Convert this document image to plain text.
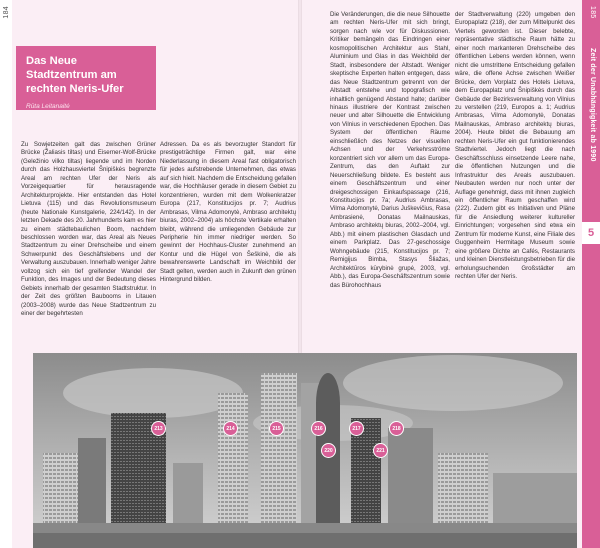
184	185
Zeit der Unabhängigkeit ab 1990
5
Das Neue Stadtzentrum am rechten Neris-Ufer
Rūta Leitanaitė
Zu Sowjetzeiten galt das zwischen Grüner Brücke (Žaliasis tiltas) und Eiserner-Wolf-Brücke (Geležinio vilko tiltas) liegende und im Norden durch das Holzhausviertel Šnipiškės begrenzte Areal am rechten Ufer der Neris als Vorzeigequartier für herausragende Architekturprojekte. Hier entstanden das Hotel Lietuva (115) und das Revolutionsmuseum (heute Nationale Kunstgalerie, 224/142). In der letzten Dekade des 20. Jahrhunderts kam es hier zu einem städtebaulichen Boom, nachdem beschlossen worden war, das Areal als Neues Stadtzentrum zu einer Drehscheibe und einem Schwerpunkt des Geschäftslebens und der Verwaltung auszubauen. Innerhalb weniger Jahre vollzog sich ein tief greifender Wandel der Funktion, des Images und der Bedeutung dieses Gebiets innerhalb der gesamten Stadtstruktur. In der Zeit des größten Baubooms in Litauen (2003–2008) wurde das Neue Stadtzentrum zu einer der begehrtesten
Adressen. Da es als bevorzugter Standort für prestigeträchtige Firmen galt, war eine Niederlassung in diesem Areal fast obligatorisch für jedes aufstrebende Unternehmen, das etwas auf sich hielt. Nachdem die Entscheidung gefallen war, die Hochhäuser gerade in diesem Gebiet zu konzentrieren, wurden mit dem Wolkenkratzer Europa (217, Konstitucijos pr. 7; Audrius Ambrasas, Vilma Adomonytė, Ambraso architektų biuras, 2002–2004) als höchste Vertikale erhalten bleibt, während die umliegenden Gebäude zur Peripherie hin immer niedriger werden. So gewinnt der Hochhaus-Cluster zunehmend an Kontur und die Hügel von Šeškinė, die als bewahrenswerte Landschaft im Weichbild der Stadt gelten, werden auch in Zukunft den grünen Hintergrund bilden.
Die Veränderungen, die die neue Silhouette am rechten Neris-Ufer mit sich bringt, sorgen nach wie vor für Diskussionen. Kritiker bemängeln das Eindringen einer kosmopolitischen Architektur aus Stahl, Aluminium und Glas in das Weichbild der Stadt, insbesondere der Altstadt. Weniger skeptische Experten halten entgegen, dass das Neue Stadtzentrum getrennt von der Altstadt entstehe und topografisch wie inhaltlich genügend Abstand halte; darüber hinaus illustriere der Kontrast zwischen neuer und alter Silhouette die Entwicklung von Vilnius in verschiedenen Epochen. Das System der öffentlichen Räume einschließlich des Netzes der visuellen Achsen und der Verkehrsströme konzentriert sich vor allem um das Europa-Zentrum, das den Auftakt zur Neuerschließung bildete. Es besteht aus einem Geschäftszentrum und einer dreigeschossigen Einkaufspassage (216, Konstitucijos pr. 7a; Audrius Ambrasas, Vilma Adomonytė, Darius Juškevičius, Rasa Ambrasienė, Donatas Mailnauskas, Ambraso architektų biuras, 2002–2004, vgl. Abb.) mit einem plastischen Glasdach und einem Parkplatz. Das 27-geschossige Wohngebäude (215, Konstitucijos pr. 7; Remigijus Bimba, Stasys Šliažas, Architektūros kūrybinė grupė, 2003, vgl. Abb.), das Europa-Geschäftszentrum sowie das Bürohochhaus
der Stadtverwaltung (220) umgeben den Europaplatz (218), der zum Mittelpunkt des Viertels geworden ist. Dieser belebte, repräsentative städtische Raum hätte zu einer noch markanteren Drehscheibe des öffentlichen Lebens werden können, wenn nicht die umstrittene Entscheidung gefallen wäre, die offene Achse zwischen Weißer Brücke, dem Vorplatz des Hotels Lietuva, dem Europaplatz und Šnipiškės durch das Gebäude der Bezirksverwaltung von Vilnius zu verstellen (219, Europos a. 1; Audrius Ambrasas, Vilma Adomonytė, Donatas Mailnauskas, Ambraso architektų biuras, 2004). Heute bildet die Bebauung am rechten Neris-Ufer ein gut funktionierendes Stadtviertel. Jedoch liegt die nach Geschäftsschluss einsetzende Leere nahe, die öffentlichen Nutzungen und die Infrastruktur des Areals auszubauen. Neubauten werden nur noch unter der Auflage genehmigt, dass mit ihnen zugleich ein öffentlicher Raum geschaffen wird (222). Zudem gibt es Initiativen und Pläne für die Ansiedlung weiterer kultureller Einrichtungen; vorgesehen sind etwa ein Zentrum für moderne Kunst, eine Filiale des Guggenheim Hermitage Museum sowie eine größere Dichte an Cafés, Restaurants und kleinen Dienstleistungsbetrieben für die erholungsuchenden Großstädter am rechten Ufer der Neris.
213	214	215	216	217	218
220	221
